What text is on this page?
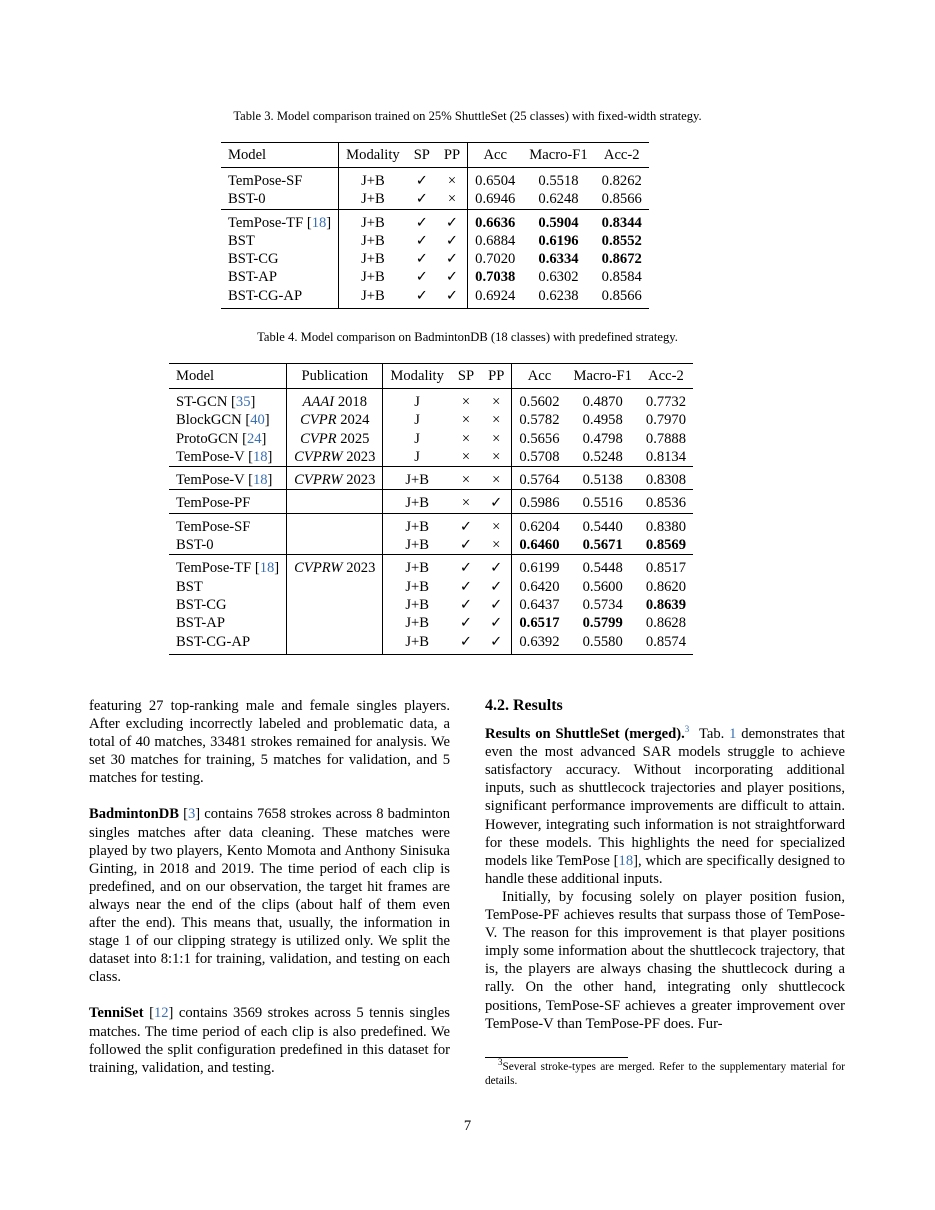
Table 3. Model comparison trained on 25% ShuttleSet (25 classes) with fixed-width strategy.
Model	Modality	SP	PP	Acc	Macro-F1	Acc-2
TemPose-SF	J+B	✓	×	0.6504	0.5518	0.8262
BST-0	J+B	✓	×	0.6946	0.6248	0.8566
TemPose-TF [18]	J+B	✓	✓	0.6636	0.5904	0.8344
BST	J+B	✓	✓	0.6884	0.6196	0.8552
BST-CG	J+B	✓	✓	0.7020	0.6334	0.8672
BST-AP	J+B	✓	✓	0.7038	0.6302	0.8584
BST-CG-AP	J+B	✓	✓	0.6924	0.6238	0.8566
Table 4. Model comparison on BadmintonDB (18 classes) with predefined strategy.
Model	Publication	Modality	SP	PP	Acc	Macro-F1	Acc-2
ST-GCN [35]	AAAI 2018	J	×	×	0.5602	0.4870	0.7732
BlockGCN [40]	CVPR 2024	J	×	×	0.5782	0.4958	0.7970
ProtoGCN [24]	CVPR 2025	J	×	×	0.5656	0.4798	0.7888
TemPose-V [18]	CVPRW 2023	J	×	×	0.5708	0.5248	0.8134
TemPose-V [18]	CVPRW 2023	J+B	×	×	0.5764	0.5138	0.8308
TemPose-PF		J+B	×	✓	0.5986	0.5516	0.8536
TemPose-SF		J+B	✓	×	0.6204	0.5440	0.8380
BST-0		J+B	✓	×	0.6460	0.5671	0.8569
TemPose-TF [18]	CVPRW 2023	J+B	✓	✓	0.6199	0.5448	0.8517
BST		J+B	✓	✓	0.6420	0.5600	0.8620
BST-CG		J+B	✓	✓	0.6437	0.5734	0.8639
BST-AP		J+B	✓	✓	0.6517	0.5799	0.8628
BST-CG-AP		J+B	✓	✓	0.6392	0.5580	0.8574

featuring 27 top-ranking male and female singles players. After excluding incorrectly labeled and problematic data, a total of 40 matches, 33481 strokes remained for analysis. We set 30 matches for training, 5 matches for validation, and 5 matches for testing.

BadmintonDB [3] contains 7658 strokes across 8 badminton singles matches after data cleaning. These matches were played by two players, Kento Momota and Anthony Sinisuka Ginting, in 2018 and 2019. The time period of each clip is predefined, and on our observation, the target hit frames are always near the end of the clips (about half of them even after the end). This means that, usually, the information in stage 1 of our clipping strategy is utilized only. We split the dataset into 8:1:1 for training, validation, and testing on each class.

TenniSet [12] contains 3569 strokes across 5 tennis singles matches. The time period of each clip is also predefined. We followed the split configuration predefined in this dataset for training, validation, and testing.

4.2. Results

Results on ShuttleSet (merged).$^3$ Tab. 1 demonstrates that even the most advanced SAR models struggle to achieve satisfactory accuracy. Without incorporating additional inputs, such as shuttlecock trajectories and player positions, significant performance improvements are difficult to attain. However, integrating such information is not straightforward for these models. This highlights the need for specialized models like TemPose [18], which are specifically designed to handle these additional inputs.

Initially, by focusing solely on player position fusion, TemPose-PF achieves results that surpass those of TemPose-V. The reason for this improvement is that player positions imply some information about the shuttlecock trajectory, that is, the players are always chasing the shuttlecock during a rally. On the other hand, integrating only shuttlecock positions, TemPose-SF achieves a greater improvement over TemPose-V than TemPose-PF does. Fur-

$^3$Several stroke-types are merged. Refer to the supplementary material for details.
7
